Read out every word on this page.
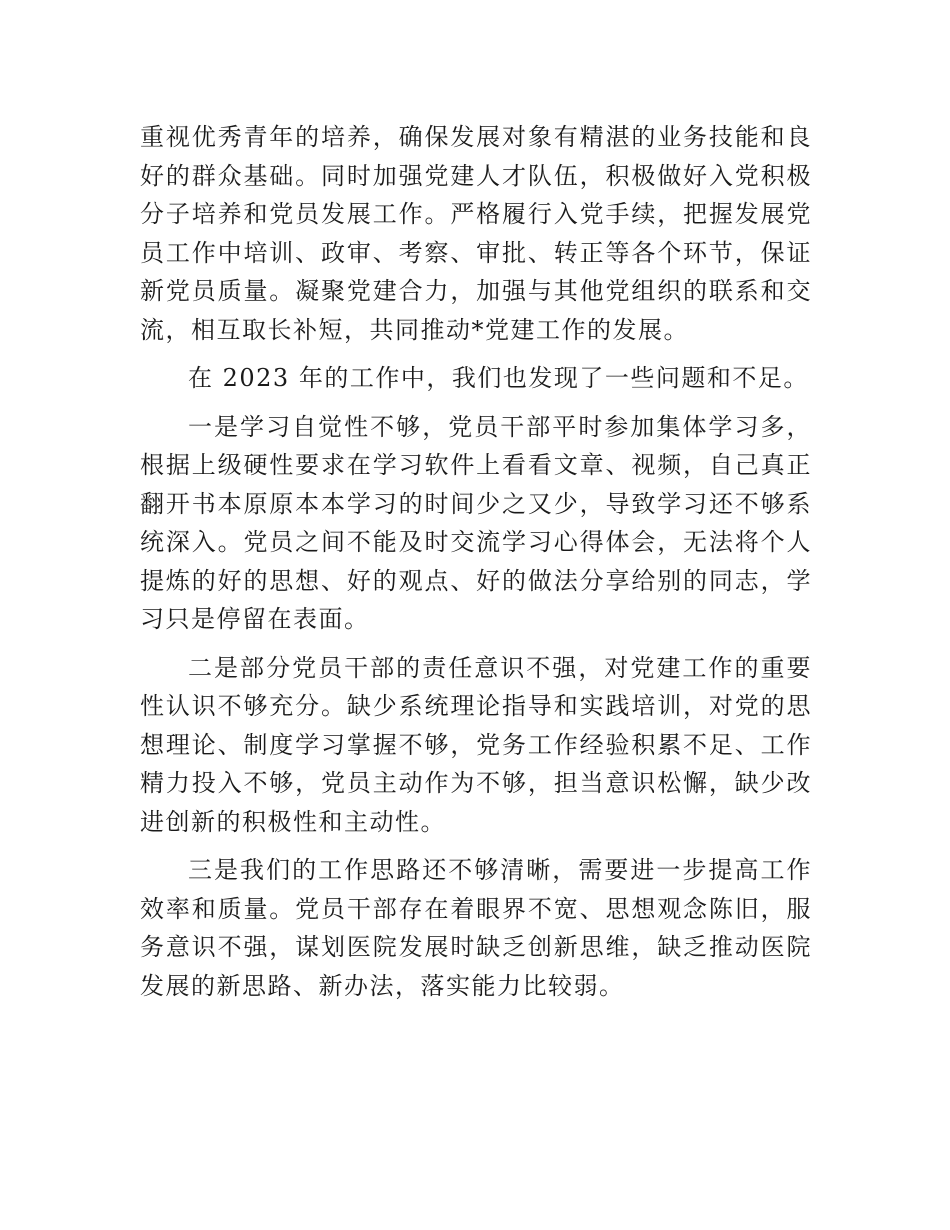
重视优秀青年的培养，确保发展对象有精湛的业务技能和良好的群众基础。同时加强党建人才队伍，积极做好入党积极分子培养和党员发展工作。严格履行入党手续，把握发展党员工作中培训、政审、考察、审批、转正等各个环节，保证新党员质量。凝聚党建合力，加强与其他党组织的联系和交流，相互取长补短，共同推动*党建工作的发展。

在 2023 年的工作中，我们也发现了一些问题和不足。

一是学习自觉性不够，党员干部平时参加集体学习多，根据上级硬性要求在学习软件上看看文章、视频，自己真正翻开书本原原本本学习的时间少之又少，导致学习还不够系统深入。党员之间不能及时交流学习心得体会，无法将个人提炼的好的思想、好的观点、好的做法分享给别的同志，学习只是停留在表面。

二是部分党员干部的责任意识不强，对党建工作的重要性认识不够充分。缺少系统理论指导和实践培训，对党的思想理论、制度学习掌握不够，党务工作经验积累不足、工作精力投入不够，党员主动作为不够，担当意识松懈，缺少改进创新的积极性和主动性。

三是我们的工作思路还不够清晰，需要进一步提高工作效率和质量。党员干部存在着眼界不宽、思想观念陈旧，服务意识不强，谋划医院发展时缺乏创新思维，缺乏推动医院发展的新思路、新办法，落实能力比较弱。
